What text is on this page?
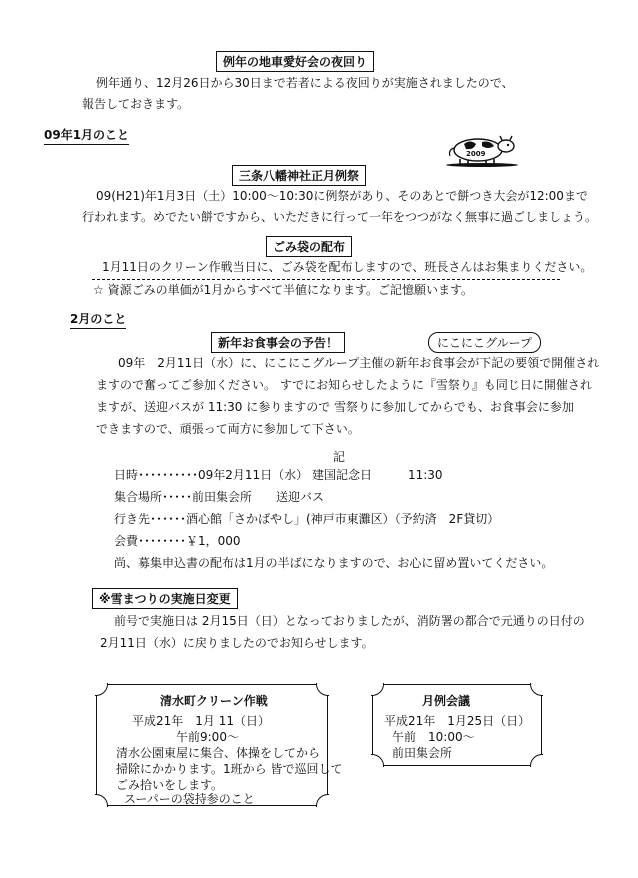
例年の地車愛好会の夜回り
例年通り、12月26日から30日まで若者による夜回りが実施されましたので、
報告しておきます。
09年1月のこと
2009
三条八幡神社正月例祭
09(H21)年1月3日（土）10:00～10:30に例祭があり、そのあとで餅つき大会が12:00まで
行われます。めでたい餅ですから、いただきに行って一年をつつがなく無事に過ごしましょう。
ごみ袋の配布
1月11日のクリーン作戦当日に、ごみ袋を配布しますので、班長さんはお集まりください。
☆ 資源ごみの単価が1月からすべて半値になります。ご記憶願います。
2月のこと
新年お食事会の予告！	にこにこグループ
09年　2月11日（水）に、にこにこグループ主催の新年お食事会が下記の要領で開催され
ますので奮ってご参加ください。 すでにお知らせしたように『雪祭り』も同じ日に開催され
ますが、送迎バスが 11:30 に参りますので 雪祭りに参加してからでも、お食事会に参加
できますので、頑張って両方に参加して下さい。
記
日時･･････････09年2月11日（水） 建国記念日　　　11:30
集合場所･････前田集会所　　送迎バス
行き先･･････酒心館「さかばやし」(神戸市東灘区）（予約済　2F貸切）
会費････････￥1，000
尚、募集申込書の配布は1月の半ばになりますので、お心に留め置いてください。
※雪まつりの実施日変更
前号で実施日は 2月15日（日）となっておりましたが、消防署の都合で元通りの日付の
2月11日（水）に戻りましたのでお知らせします。
清水町クリーン作戦
平成21年　1月 11（日）
午前9:00～
清水公園東屋に集合、体操をしてから
掃除にかかります。1班から 皆で巡回して
ごみ拾いをします。
スーパーの袋持参のこと
月例会議
平成21年　1月25日（日）
午前　10:00～
前田集会所
